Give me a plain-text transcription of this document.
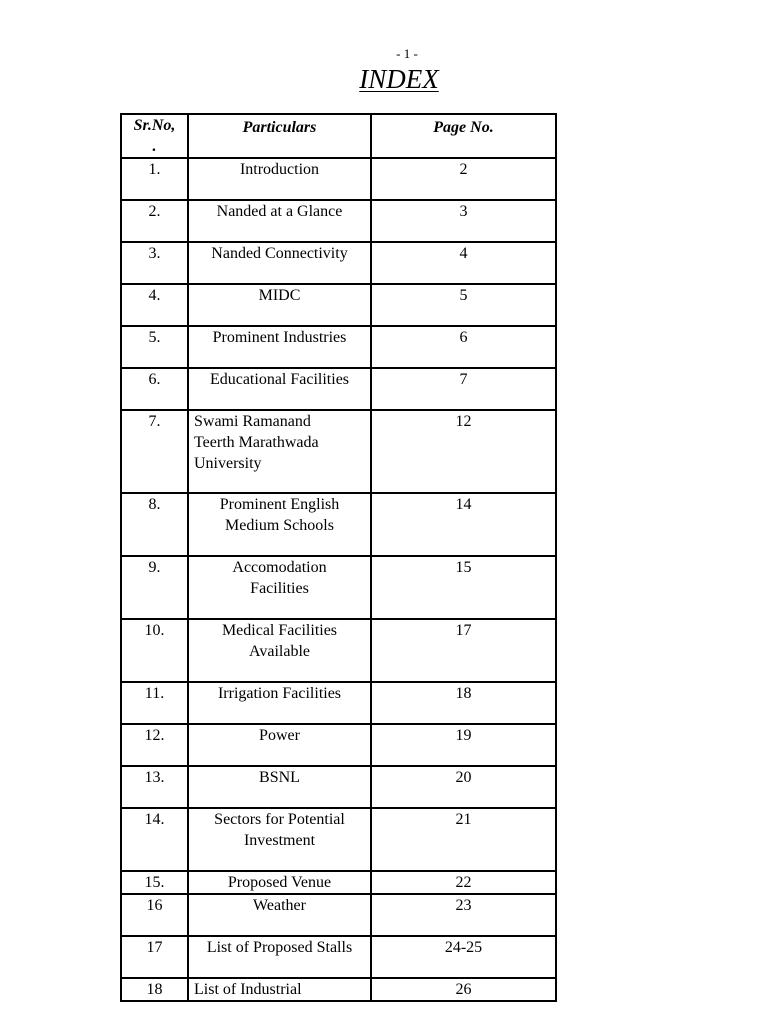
- 1 -
INDEX
Sr.No,
.	Particulars	Page No.

1.	Introduction	2
2.	Nanded at a Glance	3
3.	Nanded Connectivity	4
4.	MIDC	5
5.	Prominent Industries	6
6.	Educational Facilities	7
7.	Swami Ramanand
Teerth Marathwada
University	12
8.	Prominent English
Medium Schools	14
9.	Accomodation
Facilities	15
10.	Medical Facilities
Available	17
11.	Irrigation Facilities	18
12.	Power	19
13.	BSNL	20
14.	Sectors for Potential
Investment	21
15.	Proposed Venue	22
16	Weather	23
17	List of Proposed Stalls	24-25
18	List of Industrial	26
